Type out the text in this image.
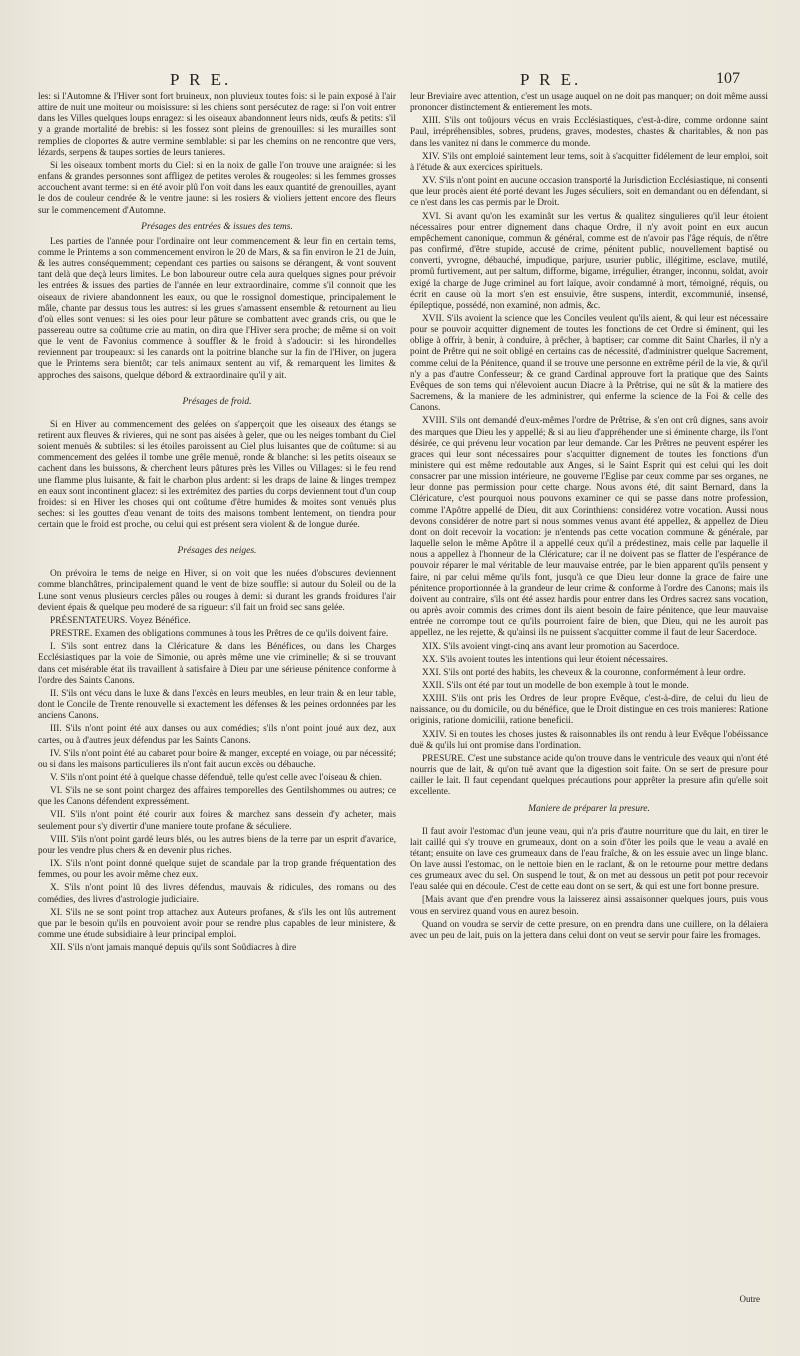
P R E.	P R E.	107

les: si l'Automne & l'Hiver sont fort bruineux, non pluvieux toutes fois: si le pain exposé à l'air attire de nuit une moiteur ou moisissure: si les chiens sont persécutez de rage: si l'on voit entrer dans les Villes quelques loups enragez: si les oiseaux abandonnent leurs nids, œufs & petits: s'il y a grande mortalité de brebis: si les fossez sont pleins de grenouilles: si les murailles sont remplies de cloportes & autre vermine semblable: si par les chemins on ne rencontre que vers, lézards, serpens & taupes sorties de leurs tanieres.

Si les oiseaux tombent morts du Ciel: si en la noix de galle l'on trouve une araignée: si les enfans & grandes personnes sont affligez de petites veroles & rougeoles: si les femmes grosses accouchent avant terme: si en été avoir plû l'on voit dans les eaux quantité de grenouilles, ayant le dos de couleur cendrée & le ventre jaune: si les rosiers & violiers jettent encore des fleurs sur le commencement d'Automne.

Présages des entrées & issues des tems.

Les parties de l'année pour l'ordinaire ont leur commencement & leur fin en certain tems, comme le Printems a son commencement environ le 20 de Mars, & sa fin environ le 21 de Juin, & les autres conséquemment; cependant ces parties ou saisons se dérangent, & vont souvent tant delà que deçà leurs limites. Le bon laboureur outre cela aura quelques signes pour prévoir les entrées & issues des parties de l'année en leur extraordinaire, comme s'il connoit que les oiseaux de riviere abandonnent les eaux, ou que le rossignol domestique, principalement le mâle, chante par dessus tous les autres: si les grues s'amassent ensemble & retournent au lieu d'où elles sont venues: si les oies pour leur pâture se combattent avec grands cris, ou que le passereau outre sa coûtume crie au matin, on dira que l'Hiver sera proche; de même si on voit que le vent de Favonius commence à souffler & le froid à s'adoucir: si les hirondelles reviennent par troupeaux: si les canards ont la poitrine blanche sur la fin de l'Hiver, on jugera que le Printems sera bientôt; car tels animaux sentent au vif, & remarquent les limites & approches des saisons, quelque débord & extraordinaire qu'il y ait.

Présages de froid.

Si en Hiver au commencement des gelées on s'apperçoit que les oiseaux des étangs se retirent aux fleuves & rivieres, qui ne sont pas aisées à geler, que ou les neiges tombant du Ciel soient menuës & subtiles: si les étoiles paroissent au Ciel plus luisantes que de coûtume: si au commencement des gelées il tombe une grêle menuë, ronde & blanche: si les petits oiseaux se cachent dans les buissons, & cherchent leurs pâtures près les Villes ou Villages: si le feu rend une flamme plus luisante, & fait le charbon plus ardent: si les draps de laine & linges trempez en eaux sont incontinent glacez: si les extrémitez des parties du corps deviennent tout d'un coup froides: si en Hiver les choses qui ont coûtume d'être humides & moites sont venuës plus seches: si les gouttes d'eau venant de toits des maisons tombent lentement, on tiendra pour certain que le froid est proche, ou celui qui est présent sera violent & de longue durée.

Présages des neiges.

On prévoira le tems de neige en Hiver, si on voit que les nuées d'obscures deviennent comme blanchâtres, principalement quand le vent de bize souffle: si autour du Soleil ou de la Lune sont venus plusieurs cercles pâles ou rouges à demi: si durant les grands froidures l'air devient épais & quelque peu moderé de sa rigueur: s'il fait un froid sec sans gelée.

PRÉSENTATEURS. Voyez Bénéfice.

PRESTRE. Examen des obligations communes à tous les Prêtres de ce qu'ils doivent faire.

I. S'ils sont entrez dans la Cléricature & dans les Bénéfices, ou dans les Charges Ecclésiastiques par la voie de Simonie, ou après même une vie criminelle; & si se trouvant dans cet misérable état ils travaillent à satisfaire à Dieu par une sérieuse pénitence conforme à l'ordre des Saints Canons.

II. S'ils ont vécu dans le luxe & dans l'excès en leurs meubles, en leur train & en leur table, dont le Concile de Trente renouvelle si exactement les défenses & les peines ordonnées par les anciens Canons.

III. S'ils n'ont point été aux danses ou aux comédies; s'ils n'ont point joué aux dez, aux cartes, ou à d'autres jeux défendus par les Saints Canons.

IV. S'ils n'ont point été au cabaret pour boire & manger, excepté en voiage, ou par nécessité; ou si dans les maisons particulieres ils n'ont fait aucun excès ou débauche.

V. S'ils n'ont point été à quelque chasse défenduë, telle qu'est celle avec l'oiseau & chien.

VI. S'ils ne se sont point chargez des affaires temporelles des Gentilshommes ou autres; ce que les Canons défendent expressément.

VII. S'ils n'ont point été courir aux foires & marchez sans dessein d'y acheter, mais seulement pour s'y divertir d'une maniere toute profane & séculiere.

VIII. S'ils n'ont point gardé leurs blés, ou les autres biens de la terre par un esprit d'avarice, pour les vendre plus chers & en devenir plus riches.

IX. S'ils n'ont point donné quelque sujet de scandale par la trop grande fréquentation des femmes, ou pour les avoir même chez eux.

X. S'ils n'ont point lû des livres défendus, mauvais & ridicules, des romans ou des comédies, des livres d'astrologie judiciaire.

XI. S'ils ne se sont point trop attachez aux Auteurs profanes, & s'ils les ont lûs autrement que par le besoin qu'ils en pouvoient avoir pour se rendre plus capables de leur ministere, & comme une étude subsidiaire à leur principal emploi.

XII. S'ils n'ont jamais manqué depuis qu'ils sont Soûdiacres à dire

leur Breviaire avec attention, c'est un usage auquel on ne doit pas manquer; on doit même aussi prononcer distinctement & entierement les mots.

XIII. S'ils ont toûjours vécus en vrais Ecclésiastiques, c'est-à-dire, comme ordonne saint Paul, irrépréhensibles, sobres, prudens, graves, modestes, chastes & charitables, & non pas dans les vanitez ni dans le commerce du monde.

XIV. S'ils ont emploié saintement leur tems, soit à s'acquitter fidélement de leur emploi, soit à l'étude & aux exercices spirituels.

XV. S'ils n'ont point en aucune occasion transporté la Jurisdiction Ecclésiastique, ni consenti que leur procès aient été porté devant les Juges séculiers, soit en demandant ou en défendant, si ce n'est dans les cas permis par le Droit.

XVI. Si avant qu'on les examinât sur les vertus & qualitez singulieres qu'il leur étoient nécessaires pour entrer dignement dans chaque Ordre, il n'y avoit point en eux aucun empêchement canonique, commun & général, comme est de n'avoir pas l'âge réquis, de n'être pas confirmé, d'être stupide, accusé de crime, pénitent public, nouvellement baptisé ou converti, yvrogne, débauché, impudique, parjure, usurier public, illégitime, esclave, mutilé, promû furtivement, aut per saltum, difforme, bigame, irrégulier, étranger, inconnu, soldat, avoir exigé la charge de Juge criminel au fort laïque, avoir condamné à mort, témoigné, réquis, ou écrit en cause où la mort s'en est ensuivie, être suspens, interdit, excommunié, insensé, épileptique, possédé, non examiné, non admis, &c.

XVII. S'ils avoient la science que les Conciles veulent qu'ils aient, & qui leur est nécessaire pour se pouvoir acquitter dignement de toutes les fonctions de cet Ordre si éminent, qui les oblige à offrir, à benir, à conduire, à prêcher, à baptiser; car comme dit Saint Charles, il n'y a point de Prêtre qui ne soit obligé en certains cas de nécessité, d'administrer quelque Sacrement, comme celui de la Pénitence, quand il se trouve une personne en extrême péril de la vie, & qu'il n'y a pas d'autre Confesseur; & ce grand Cardinal approuve fort la pratique que des Saints Evêques de son tems qui n'élevoient aucun Diacre à la Prêtrise, qui ne sût & la matiere des Sacremens, & la maniere de les administrer, qui enferme la science de la Foi & celle des Canons.

XVIII. S'ils ont demandé d'eux-mêmes l'ordre de Prêtrise, & s'en ont crû dignes, sans avoir des marques que Dieu les y appellé; & si au lieu d'appréhender une si éminente charge, ils l'ont désirée, ce qui prévenu leur vocation par leur demande. Car les Prêtres ne peuvent espérer les graces qui leur sont nécessaires pour s'acquitter dignement de toutes les fonctions d'un ministere qui est même redoutable aux Anges, si le Saint Esprit qui est celui qui les doit consacrer par une mission intérieure, ne gouverne l'Eglise par ceux comme par ses organes, ne leur donne pas permission pour cette charge. Nous avons été, dit saint Bernard, dans la Cléricature, c'est pourquoi nous pouvons examiner ce qui se passe dans notre profession, comme l'Apôtre appellé de Dieu, dit aux Corinthiens: considérez votre vocation. Aussi nous devons considérer de notre part si nous sommes venus avant été appellez, & appellez de Dieu dont on doit recevoir la vocation: je n'entends pas cette vocation commune & générale, par laquelle selon le même Apôtre il a appellé ceux qu'il a prédestinez, mais celle par laquelle il nous a appellez à l'honneur de la Cléricature; car il ne doivent pas se flatter de l'espérance de pouvoir réparer le mal véritable de leur mauvaise entrée, par le bien apparent qu'ils pensent y faire, ni par celui même qu'ils font, jusqu'à ce que Dieu leur donne la grace de faire une pénitence proportionnée à la grandeur de leur crime & conforme à l'ordre des Canons; mais ils doivent au contraire, s'ils ont été assez hardis pour entrer dans les Ordres sacrez sans vocation, ou après avoir commis des crimes dont ils aient besoin de faire pénitence, que leur mauvaise entrée ne corrompe tout ce qu'ils pourroient faire de bien, que Dieu, qui ne les auroit pas appellez, ne les rejette, & qu'ainsi ils ne puissent s'acquitter comme il faut de leur Sacerdoce.

XIX. S'ils avoient vingt-cinq ans avant leur promotion au Sacerdoce.

XX. S'ils avoient toutes les intentions qui leur étoient nécessaires.

XXI. S'ils ont porté des habits, les cheveux & la couronne, conformément à leur ordre.

XXII. S'ils ont été par tout un modelle de bon exemple à tout le monde.

XXIII. S'ils ont pris les Ordres de leur propre Evêque, c'est-à-dire, de celui du lieu de naissance, ou du domicile, ou du bénéfice, que le Droit distingue en ces trois manieres: Ratione originis, ratione domicilii, ratione beneficii.

XXIV. Si en toutes les choses justes & raisonnables ils ont rendu à leur Evêque l'obéissance duë & qu'ils lui ont promise dans l'ordination.

PRESURE. C'est une substance acide qu'on trouve dans le ventricule des veaux qui n'ont été nourris que de lait, & qu'on tuë avant que la digestion soit faite. On se sert de presure pour cailler le lait. Il faut cependant quelques précautions pour apprêter la presure afin qu'elle soit excellente.

Maniere de préparer la presure.

Il faut avoir l'estomac d'un jeune veau, qui n'a pris d'autre nourriture que du lait, en tirer le lait caillé qui s'y trouve en grumeaux, dont on a soin d'ôter les poils que le veau a avalé en tétant; ensuite on lave ces grumeaux dans de l'eau fraîche, & on les essuie avec un linge blanc. On lave aussi l'estomac, on le nettoie bien en le raclant, & on le retourne pour mettre dedans ces grumeaux avec du sel. On suspend le tout, & on met au dessous un petit pot pour recevoir l'eau salée qui en découle. C'est de cette eau dont on se sert, & qui est une fort bonne presure.

[Mais avant que d'en prendre vous la laisserez ainsi assaisonner quelques jours, puis vous vous en servirez quand vous en aurez besoin.

Quand on voudra se servir de cette presure, on en prendra dans une cuillere, on la délaiera avec un peu de lait, puis on la jettera dans celui dont on veut se servir pour faire les fromages.

Outre
